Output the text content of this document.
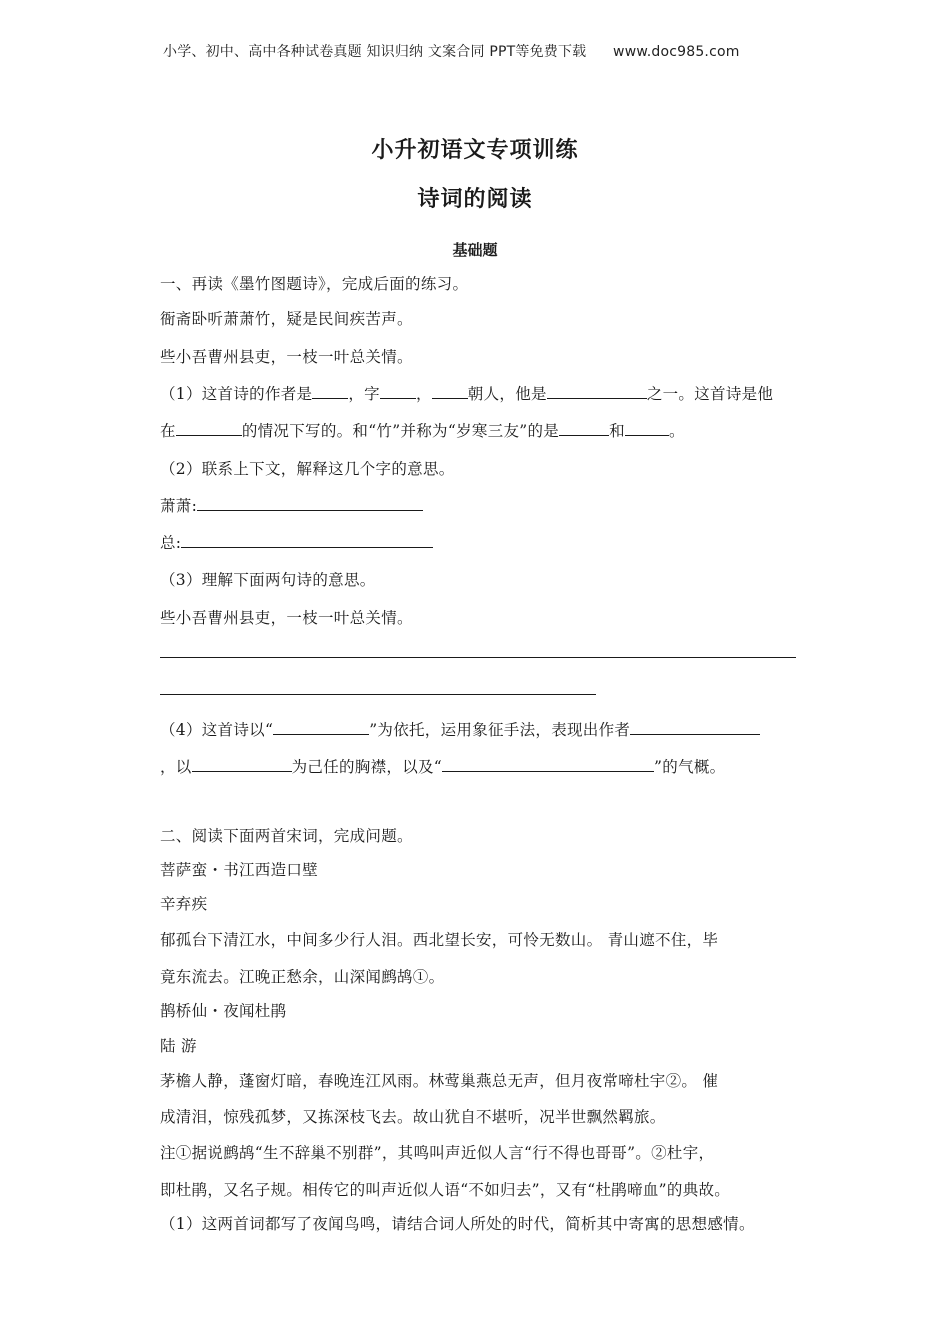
小学、初中、高中各种试卷真题 知识归纳 文案合同 PPT等免费下载 www.doc985.com
小升初语文专项训练
诗词的阅读
基础题
一、再读《墨竹图题诗》，完成后面的练习。
衙斋卧听萧萧竹，疑是民间疾苦声。
些小吾曹州县吏，一枝一叶总关情。
（1）这首诗的作者是 ，字 ， 朝人，他是	之一。这首诗是他
在	的情况下写的。和“竹”并称为“岁寒三友”的是	和	。
（2）联系上下文，解释这几个字的意思。
萧萧:
总:
（3）理解下面两句诗的意思。
些小吾曹州县吏，一枝一叶总关情。
（4）这首诗以“	”为依托，运用象征手法，表现出作者
，以	为己任的胸襟，以及“	”的气概。
二、阅读下面两首宋词，完成问题。
菩萨蛮・书江西造口壁
辛弃疾
郁孤台下清江水，中间多少行人泪。西北望长安，可怜无数山。 青山遮不住，毕
竟东流去。江晚正愁余，山深闻鹧鸪①。
鹊桥仙・夜闻杜鹃
陆 游
茅檐人静，蓬窗灯暗，春晚连江风雨。林莺巢燕总无声，但月夜常啼杜宇②。 催
成清泪，惊残孤梦，又拣深枝飞去。故山犹自不堪听，况半世飘然羁旅。
注①据说鹧鸪“生不辞巢不别群”，其鸣叫声近似人言“行不得也哥哥”。②杜宇，
即杜鹃，又名子规。相传它的叫声近似人语“不如归去”，又有“杜鹃啼血”的典故。
（1）这两首词都写了夜闻鸟鸣，请结合词人所处的时代，简析其中寄寓的思想感情。
